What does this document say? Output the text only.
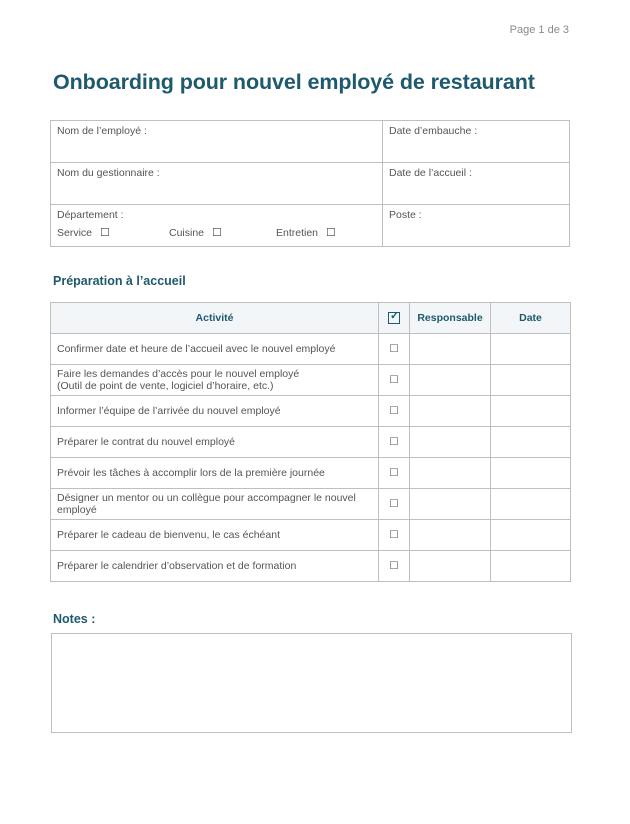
Page 1 de 3
Onboarding pour nouvel employé de restaurant
Nom de l’employé :	Date d’embauche :
Nom du gestionnaire :	Date de l’accueil :

Département :
Service ☐ Cuisine ☐ Entretien ☐	Poste :
Préparation à l’accueil
Activité	✓	Responsable	Date

Confirmer date et heure de l’accueil avec le nouvel employé	☐		

Faire les demandes d’accès pour le nouvel employé
(Outil de point de vente, logiciel d’horaire, etc.)	☐		

Informer l’équipe de l’arrivée du nouvel employé	☐		

Préparer le contrat du nouvel employé	☐		

Prévoir les tâches à accomplir lors de la première journée	☐		

Désigner un mentor ou un collègue pour accompagner le nouvel
employé	☐		

Préparer le cadeau de bienvenu, le cas échéant	☐		

Préparer le calendrier d’observation et de formation	☐		
Notes :
